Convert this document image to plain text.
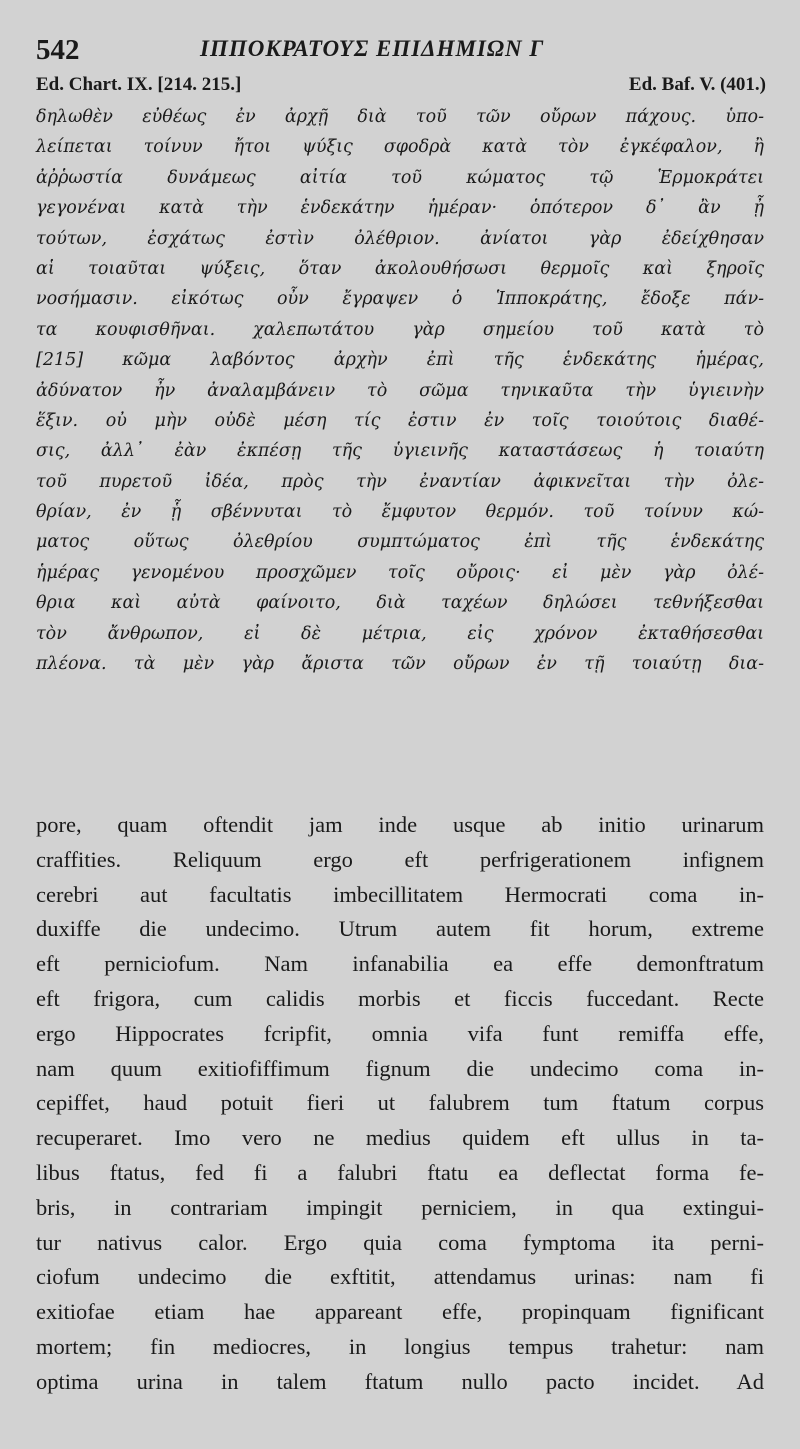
542	ΙΠΠΟΚΡΑΤΟΥΣ ΕΠΙΔΗΜΙΩΝ Γ
Ed. Chart. IX. [214. 215.]	Ed. Baf. V. (401.)
δηλωθὲν εὐθέως ἐν ἀρχῇ διὰ τοῦ τῶν οὔρων πάχους. ὑπο-
λείπεται τοίνυν ἤτοι ψύξις σφοδρὰ κατὰ τὸν ἐγκέφαλον, ἢ
ἀῤῥωστία δυνάμεως αἰτία τοῦ κώματος τῷ Ἑρμοκράτει
γεγονέναι κατὰ τὴν ἑνδεκάτην ἡμέραν· ὁπότερον δ᾽ ἂν ᾖ
τούτων, ἐσχάτως ἐστὶν ὀλέθριον. ἀνίατοι γὰρ ἐδείχθησαν
αἱ τοιαῦται ψύξεις, ὅταν ἀκολουθήσωσι θερμοῖς καὶ ξηροῖς
νοσήμασιν. εἰκότως οὖν ἔγραψεν ὁ Ἱπποκράτης, ἔδοξε πάν-
τα κουφισθῆναι. χαλεπωτάτου γὰρ σημείου τοῦ κατὰ τὸ
[215] κῶμα λαβόντος ἀρχὴν ἐπὶ τῆς ἑνδεκάτης ἡμέρας,
ἀδύνατον ἦν ἀναλαμβάνειν τὸ σῶμα τηνικαῦτα τὴν ὑγιεινὴν
ἕξιν. οὐ μὴν οὐδὲ μέση τίς ἐστιν ἐν τοῖς τοιούτοις διαθέ-
σις, ἀλλ᾽ ἐὰν ἐκπέσῃ τῆς ὑγιεινῆς καταστάσεως ἡ τοιαύτη
τοῦ πυρετοῦ ἰδέα, πρὸς τὴν ἐναντίαν ἀφικνεῖται τὴν ὀλε-
θρίαν, ἐν ᾗ σβέννυται τὸ ἔμφυτον θερμόν. τοῦ τοίνυν κώ-
ματος οὕτως ὀλεθρίου συμπτώματος ἐπὶ τῆς ἑνδεκάτης
ἡμέρας γενομένου προσχῶμεν τοῖς οὔροις· εἰ μὲν γὰρ ὀλέ-
θρια καὶ αὐτὰ φαίνοιτο, διὰ ταχέων δηλώσει τεθνήξεσθαι
τὸν ἄνθρωπον, εἰ δὲ μέτρια, εἰς χρόνον ἐκταθήσεσθαι
πλέονα. τὰ μὲν γὰρ ἄριστα τῶν οὔρων ἐν τῇ τοιαύτῃ δια-
pore, quam oftendit jam inde usque ab initio urinarum
craffities. Reliquum ergo eft perfrigerationem infignem
cerebri aut facultatis imbecillitatem Hermocrati coma in-
duxiffe die undecimo. Utrum autem fit horum, extreme
eft perniciofum. Nam infanabilia ea effe demonftratum
eft frigora, cum calidis morbis et ficcis fuccedant. Recte
ergo Hippocrates fcripfit, omnia vifa funt remiffa effe,
nam quum exitiofiffimum fignum die undecimo coma in-
cepiffet, haud potuit fieri ut falubrem tum ftatum corpus
recuperaret. Imo vero ne medius quidem eft ullus in ta-
libus ftatus, fed fi a falubri ftatu ea deflectat forma fe-
bris, in contrariam impingit perniciem, in qua extingui-
tur nativus calor. Ergo quia coma fymptoma ita perni-
ciofum undecimo die exftitit, attendamus urinas: nam fi
exitiofae etiam hae appareant effe, propinquam fignificant
mortem; fin mediocres, in longius tempus trahetur: nam
optima urina in talem ftatum nullo pacto incidet. Ad
